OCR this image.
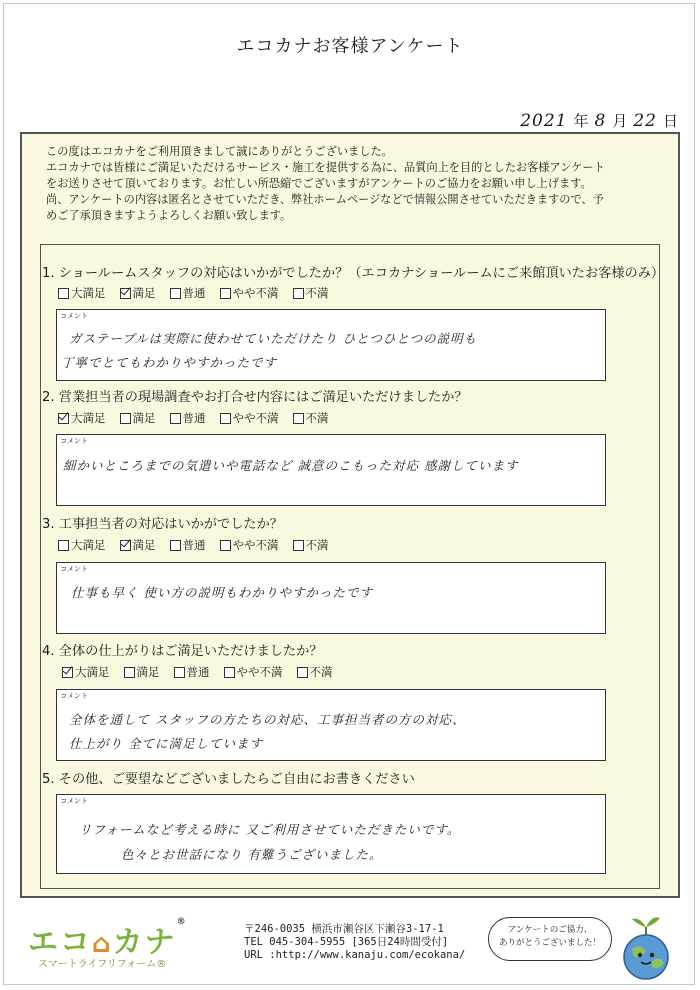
エコカナお客様アンケート
2021 年 8 月 22 日
この度はエコカナをご利用頂きまして誠にありがとうございました。
エコカナでは皆様にご満足いただけるサービス・施工を提供する為に、品質向上を目的としたお客様アンケート
をお送りさせて頂いております。お忙しい所恐縮でございますがアンケートのご協力をお願い申し上げます。
尚、アンケートの内容は匿名とさせていただき、弊社ホームページなどで情報公開させていただきますので、予
めご了承頂きますようよろしくお願い致します。
1. ショールームスタッフの対応はいかがでしたか？（エコカナショールームにご来館頂いたお客様のみ）
大満足 満足 普通 やや不満 不満
コメント
ガステーブルは実際に使わせていただけたり ひとつひとつの説明も
丁寧でとてもわかりやすかったです
2. 営業担当者の現場調査やお打合せ内容にはご満足いただけましたか？
大満足 満足 普通 やや不満 不満
コメント
細かいところまでの気遣いや電話など 誠意のこもった対応 感謝しています
3. 工事担当者の対応はいかがでしたか？
大満足 満足 普通 やや不満 不満
コメント
仕事も早く 使い方の説明もわかりやすかったです
4. 全体の仕上がりはご満足いただけましたか？
大満足 満足 普通 やや不満 不満
コメント
全体を通して スタッフの方たちの対応、工事担当者の方の対応、
仕上がり 全てに満足しています
5. その他、ご要望などございましたらご自由にお書きください
コメント
リフォームなど考える時に 又ご利用させていただきたいです。
色々とお世話になり 有難うございました。
エコ⌂カナ®
スマートライフリフォーム®
〒246-0035 横浜市瀬谷区下瀬谷3-17-1
TEL 045-304-5955 [365日24時間受付]
URL :http://www.kanaju.com/ecokana/
アンケートのご協力、
ありがとうございました！
